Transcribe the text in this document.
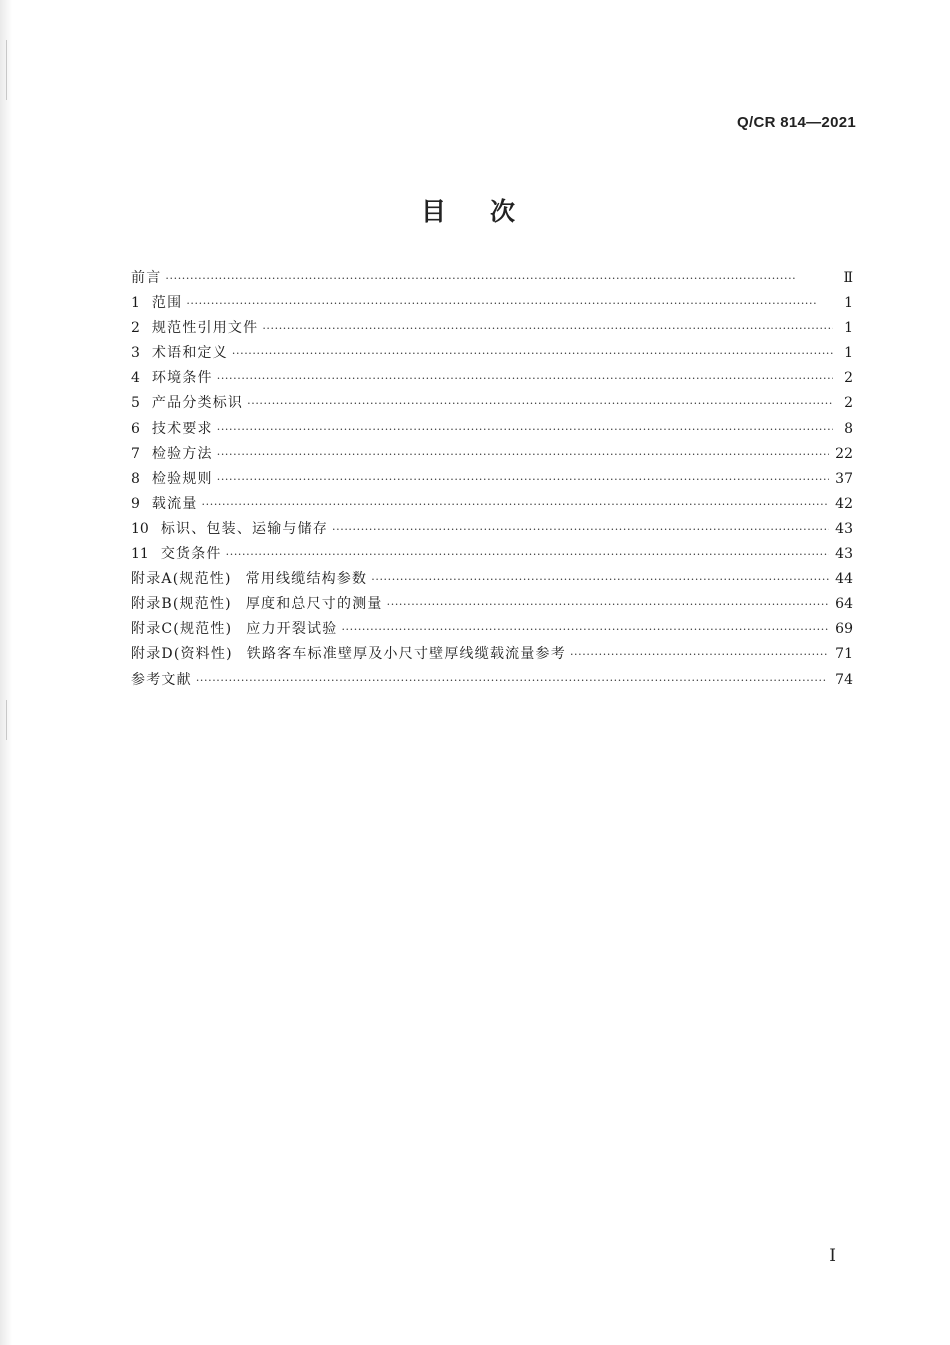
Q/CR 814—2021
目次
前言 ·····	Ⅱ
1 范围 ·····	1
2 规范性引用文件 ·····	1
3 术语和定义 ·····	1
4 环境条件 ·····	2
5 产品分类标识 ·····	2
6 技术要求 ·····	8
7 检验方法 ·····	22
8 检验规则 ·····	37
9 载流量 ·····	42
10 标识、包装、运输与储存 ·····	43
11 交货条件 ·····	43
附录A(规范性) 常用线缆结构参数 ·····	44
附录B(规范性) 厚度和总尺寸的测量 ·····	64
附录C(规范性) 应力开裂试验 ·····	69
附录D(资料性) 铁路客车标准壁厚及小尺寸壁厚线缆载流量参考 ·····	71
参考文献 ·····	74
I
